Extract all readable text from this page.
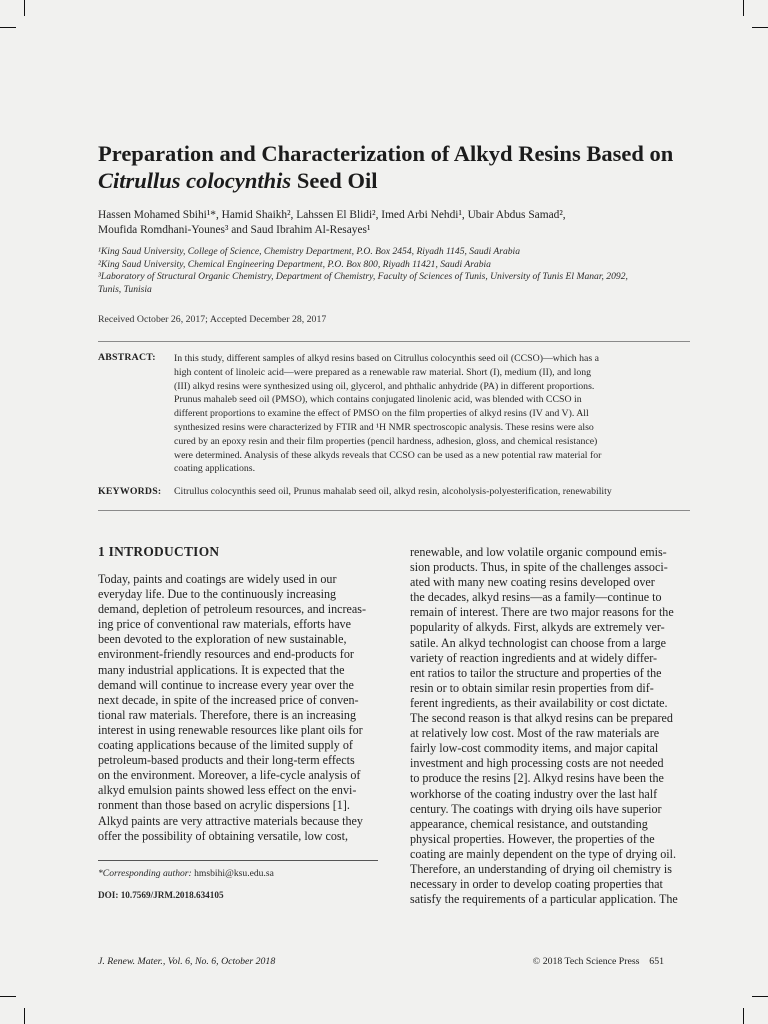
Preparation and Characterization of Alkyd Resins Based on
Citrullus colocynthis Seed Oil
Hassen Mohamed Sbihi¹*, Hamid Shaikh², Lahssen El Blidi², Imed Arbi Nehdi¹, Ubair Abdus Samad²,
Moufida Romdhani-Younes³ and Saud Ibrahim Al-Resayes¹
¹King Saud University, College of Science, Chemistry Department, P.O. Box 2454, Riyadh 1145, Saudi Arabia
²King Saud University, Chemical Engineering Department, P.O. Box 800, Riyadh 11421, Saudi Arabia
³Laboratory of Structural Organic Chemistry, Department of Chemistry, Faculty of Sciences of Tunis, University of Tunis El Manar, 2092,
Tunis, Tunisia
Received October 26, 2017; Accepted December 28, 2017
ABSTRACT: In this study, different samples of alkyd resins based on Citrullus colocynthis seed oil (CCSO)—which has a
high content of linoleic acid—were prepared as a renewable raw material. Short (I), medium (II), and long
(III) alkyd resins were synthesized using oil, glycerol, and phthalic anhydride (PA) in different proportions.
Prunus mahaleb seed oil (PMSO), which contains conjugated linolenic acid, was blended with CCSO in
different proportions to examine the effect of PMSO on the film properties of alkyd resins (IV and V). All
synthesized resins were characterized by FTIR and ¹H NMR spectroscopic analysis. These resins were also
cured by an epoxy resin and their film properties (pencil hardness, adhesion, gloss, and chemical resistance)
were determined. Analysis of these alkyds reveals that CCSO can be used as a new potential raw material for
coating applications.
KEYWORDS: Citrullus colocynthis seed oil, Prunus mahalab seed oil, alkyd resin, alcoholysis-polyesterification, renewability
1 INTRODUCTION
Today, paints and coatings are widely used in our
everyday life. Due to the continuously increasing
demand, depletion of petroleum resources, and increas-
ing price of conventional raw materials, efforts have
been devoted to the exploration of new sustainable,
environment-friendly resources and end-products for
many industrial applications. It is expected that the
demand will continue to increase every year over the
next decade, in spite of the increased price of conven-
tional raw materials. Therefore, there is an increasing
interest in using renewable resources like plant oils for
coating applications because of the limited supply of
petroleum-based products and their long-term effects
on the environment. Moreover, a life-cycle analysis of
alkyd emulsion paints showed less effect on the envi-
ronment than those based on acrylic dispersions [1].
Alkyd paints are very attractive materials because they
offer the possibility of obtaining versatile, low cost,
renewable, and low volatile organic compound emis-
sion products. Thus, in spite of the challenges associ-
ated with many new coating resins developed over
the decades, alkyd resins—as a family—continue to
remain of interest. There are two major reasons for the
popularity of alkyds. First, alkyds are extremely ver-
satile. An alkyd technologist can choose from a large
variety of reaction ingredients and at widely differ-
ent ratios to tailor the structure and properties of the
resin or to obtain similar resin properties from dif-
ferent ingredients, as their availability or cost dictate.
The second reason is that alkyd resins can be prepared
at relatively low cost. Most of the raw materials are
fairly low-cost commodity items, and major capital
investment and high processing costs are not needed
to produce the resins [2]. Alkyd resins have been the
workhorse of the coating industry over the last half
century. The coatings with drying oils have superior
appearance, chemical resistance, and outstanding
physical properties. However, the properties of the
coating are mainly dependent on the type of drying oil.
Therefore, an understanding of drying oil chemistry is
necessary in order to develop coating properties that
satisfy the requirements of a particular application. The
*Corresponding author: hmsbihi@ksu.edu.sa
DOI: 10.7569/JRM.2018.634105
J. Renew. Mater., Vol. 6, No. 6, October 2018	© 2018 Tech Science Press    651
